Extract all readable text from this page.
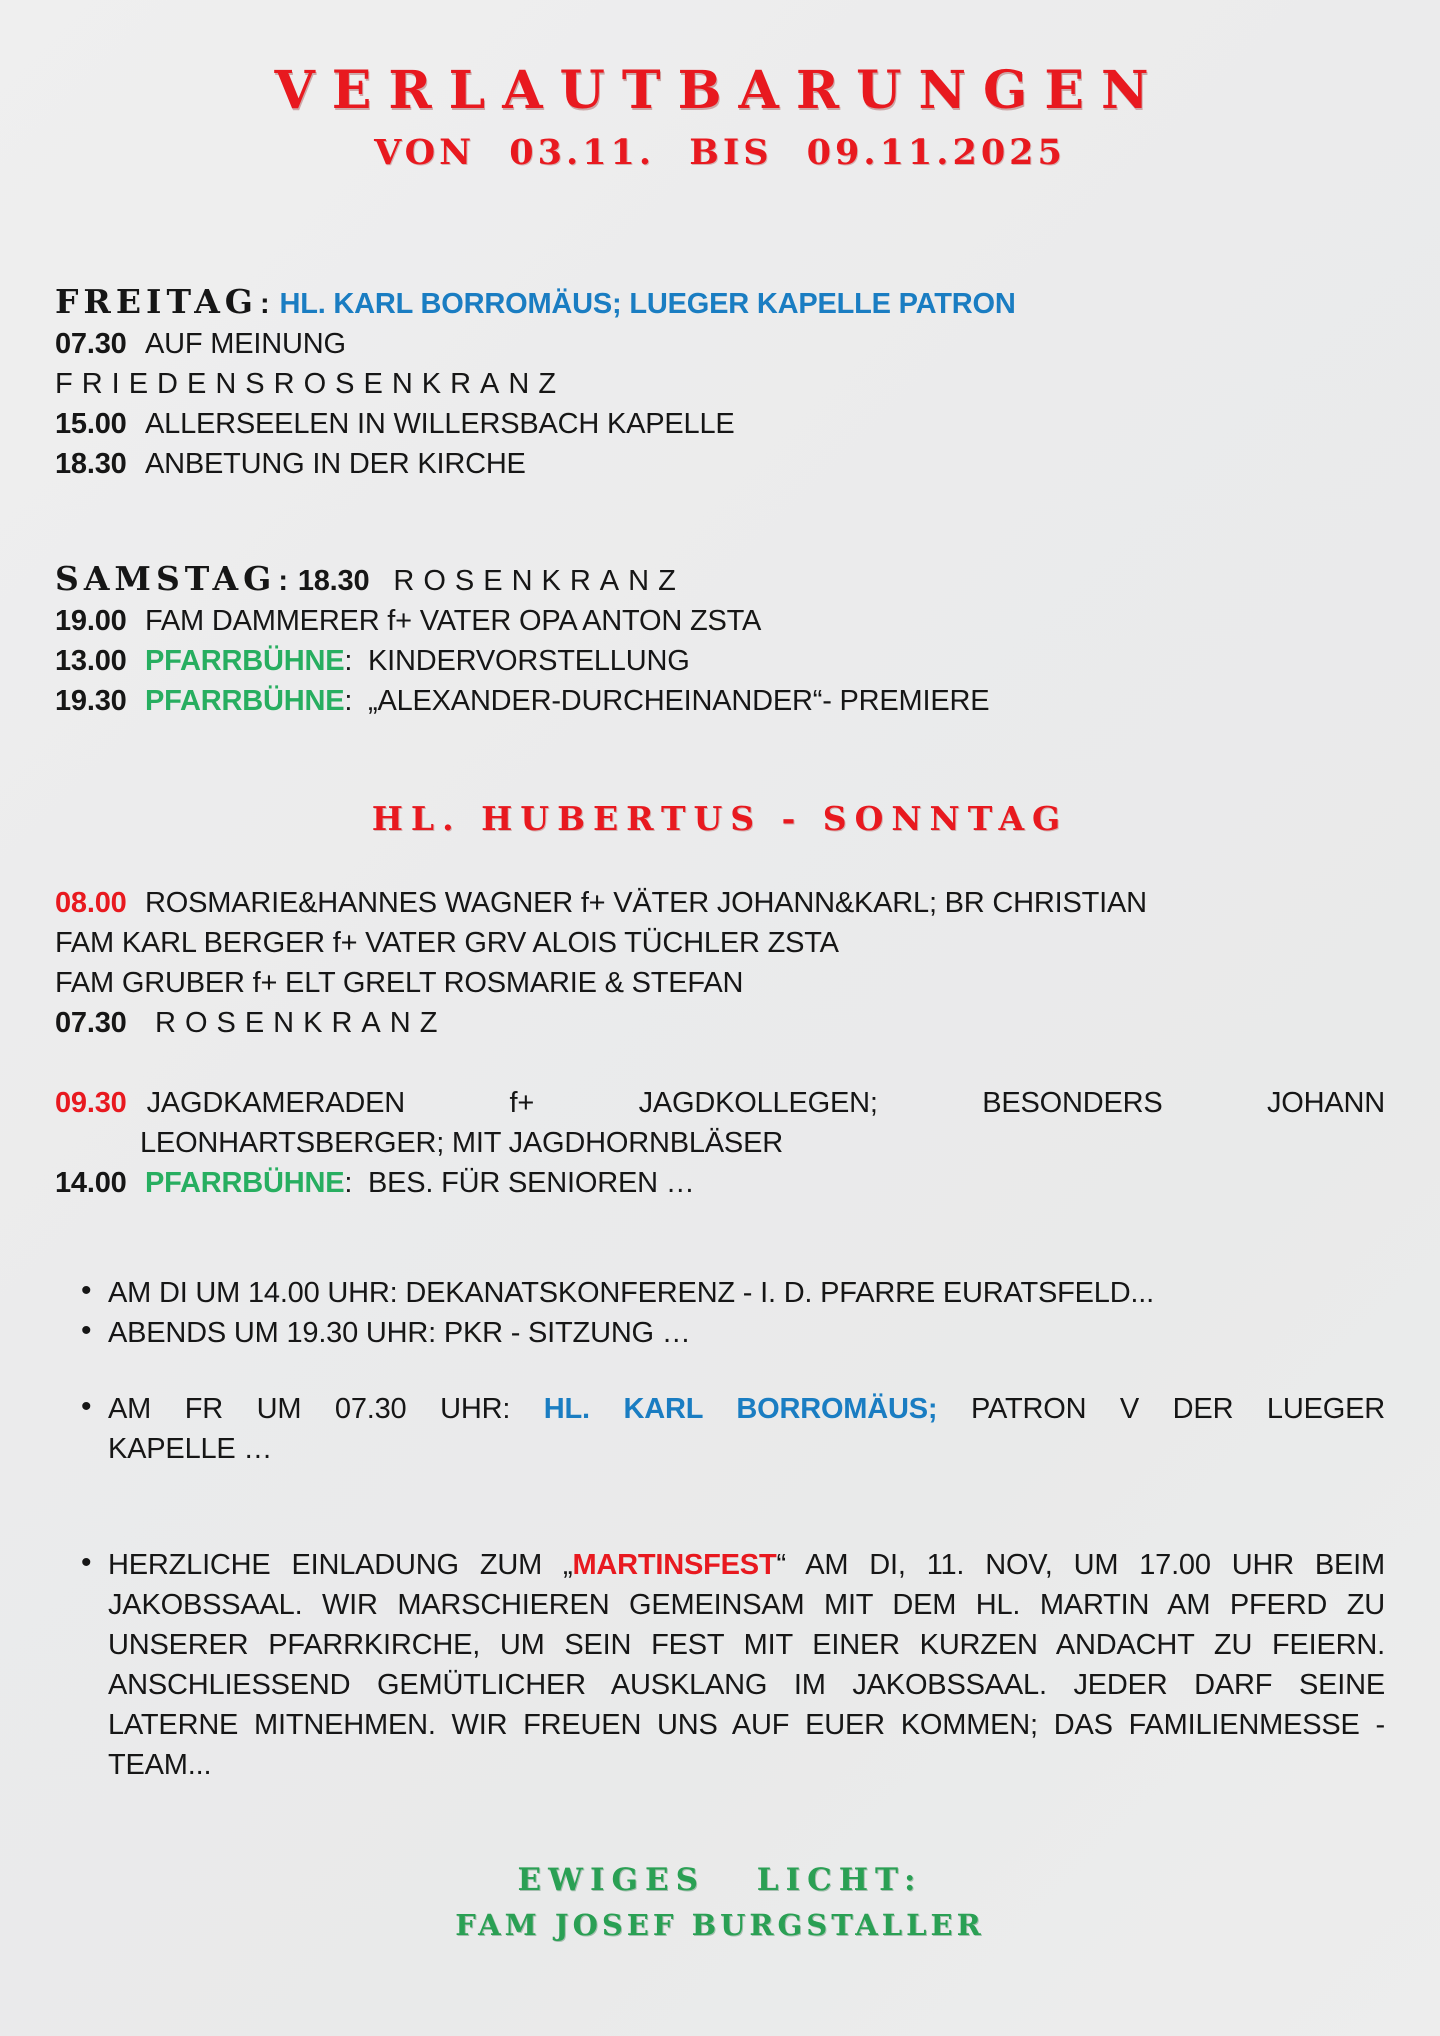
VERLAUTBARUNGEN
VON 03.11. BIS 09.11.2025
FREITAG: HL. KARL BORROMÄUS; LUEGER KAPELLE PATRON
07.30 AUF MEINUNG
FRIEDENSROSENKRANZ
15.00 ALLERSEELEN IN WILLERSBACH KAPELLE
18.30 ANBETUNG IN DER KIRCHE
SAMSTAG: 18.30 ROSENKRANZ
19.00 FAM DAMMERER f+ VATER OPA ANTON ZSTA
13.00 PFARRBÜHNE: KINDERVORSTELLUNG
19.30 PFARRBÜHNE: „ALEXANDER-DURCHEINANDER“- PREMIERE
HL. HUBERTUS - SONNTAG
08.00 ROSMARIE&HANNES WAGNER f+ VÄTER JOHANN&KARL; BR CHRISTIAN
FAM KARL BERGER f+ VATER GRV ALOIS TÜCHLER ZSTA
FAM GRUBER f+ ELT GRELT ROSMARIE & STEFAN
07.30 ROSENKRANZ
09.30 JAGDKAMERADEN f+ JAGDKOLLEGEN; BESONDERS JOHANN
LEONHARTSBERGER; MIT JAGDHORNBLÄSER
14.00 PFARRBÜHNE: BES. FÜR SENIOREN …
• AM DI UM 14.00 UHR: DEKANATSKONFERENZ - I. D. PFARRE EURATSFELD...
• ABENDS UM 19.30 UHR: PKR - SITZUNG …
• AM FR UM 07.30 UHR: HL. KARL BORROMÄUS; PATRON V DER LUEGER
KAPELLE …
• HERZLICHE EINLADUNG ZUM „MARTINSFEST“ AM DI, 11. NOV, UM 17.00 UHR BEIM JAKOBSSAAL. WIR MARSCHIEREN GEMEINSAM MIT DEM HL. MARTIN AM PFERD ZU UNSERER PFARRKIRCHE, UM SEIN FEST MIT EINER KURZEN ANDACHT ZU FEIERN. ANSCHLIESSEND GEMÜTLICHER AUSKLANG IM JAKOBSSAAL. JEDER DARF SEINE LATERNE MITNEHMEN. WIR FREUEN UNS AUF EUER KOMMEN; DAS FAMILIENMESSE - TEAM...
EWIGES LICHT:
FAM JOSEF BURGSTALLER
